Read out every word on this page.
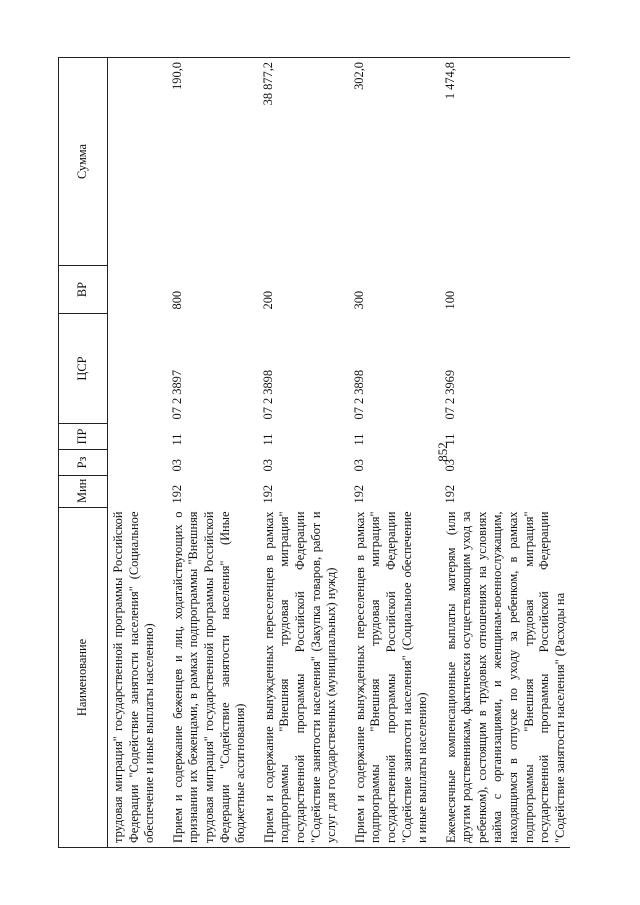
852
Наименование	Мин	Рз	ПР	ЦСР	ВР	Сумма
трудовая миграция" государственной программы Российской Федерации "Содействие занятости населения" (Социальное обеспечение и иные выплаты населению)						

Прием и содержание беженцев и лиц, ходатайствующих о признании их беженцами, в рамках подпрограммы "Внешняя трудовая миграция" государственной программы Российской Федерации "Содействие занятости населения" (Иные бюджетные ассигнования)	192	03	11	07 2 3897	800	190,0

Прием и содержание вынужденных переселенцев в рамках подпрограммы "Внешняя трудовая миграция" государственной программы Российской Федерации "Содействие занятости населения" (Закупка товаров, работ и услуг для государственных (муниципальных) нужд)	192	03	11	07 2 3898	200	38 877,2

Прием и содержание вынужденных переселенцев в рамках подпрограммы "Внешняя трудовая миграция" государственной программы Российской Федерации "Содействие занятости населения" (Социальное обеспечение и иные выплаты населению)	192	03	11	07 2 3898	300	302,0

Ежемесячные компенсационные выплаты матерям (или другим родственникам, фактически осуществляющим уход за ребенком), состоящим в трудовых отношениях на условиях найма с организациями, и женщинам-военнослужащим, находящимся в отпуске по уходу за ребенком, в рамках подпрограммы "Внешняя трудовая миграция" государственной программы Российской Федерации "Содействие занятости населения" (Расходы на	192	03	11	07 2 3969	100	1 474,8
